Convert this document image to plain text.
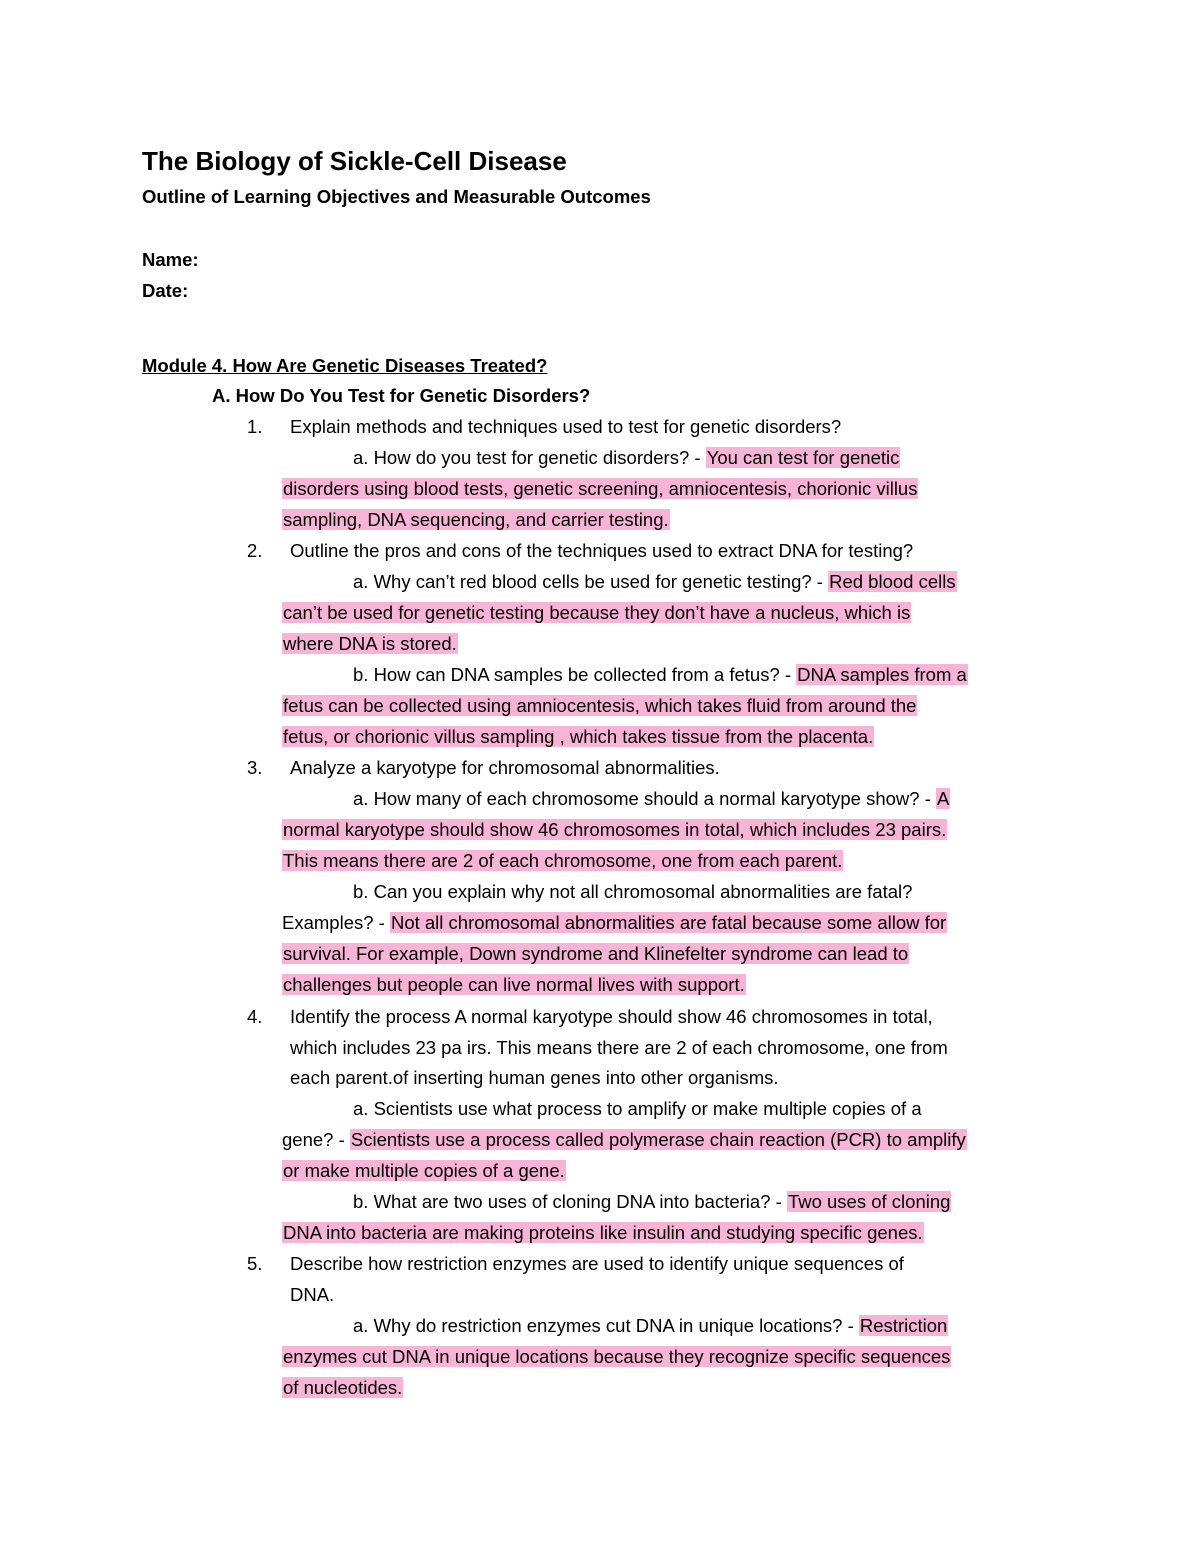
The Biology of Sickle-Cell Disease
Outline of Learning Objectives and Measurable Outcomes
Name:
Date:
Module 4. How Are Genetic Diseases Treated?
A. How Do You Test for Genetic Disorders?
1. Explain methods and techniques used to test for genetic disorders?
a. How do you test for genetic disorders? - You can test for genetic
disorders using blood tests, genetic screening, amniocentesis, chorionic villus
sampling, DNA sequencing, and carrier testing.
2. Outline the pros and cons of the techniques used to extract DNA for testing?
a. Why can’t red blood cells be used for genetic testing? - Red blood cells
can’t be used for genetic testing because they don’t have a nucleus, which is
where DNA is stored.
b. How can DNA samples be collected from a fetus? - DNA samples from a
fetus can be collected using amniocentesis, which takes fluid from around the
fetus, or chorionic villus sampling , which takes tissue from the placenta.
3. Analyze a karyotype for chromosomal abnormalities.
a. How many of each chromosome should a normal karyotype show? - A
normal karyotype should show 46 chromosomes in total, which includes 23 pairs.
This means there are 2 of each chromosome, one from each parent.
b. Can you explain why not all chromosomal abnormalities are fatal?
Examples? - Not all chromosomal abnormalities are fatal because some allow for
survival. For example, Down syndrome and Klinefelter syndrome can lead to
challenges but people can live normal lives with support.
4. Identify the process A normal karyotype should show 46 chromosomes in total,
which includes 23 pa irs. This means there are 2 of each chromosome, one from
each parent.of inserting human genes into other organisms.
a. Scientists use what process to amplify or make multiple copies of a
gene? - Scientists use a process called polymerase chain reaction (PCR) to amplify
or make multiple copies of a gene.
b. What are two uses of cloning DNA into bacteria? - Two uses of cloning
DNA into bacteria are making proteins like insulin and studying specific genes.
5. Describe how restriction enzymes are used to identify unique sequences of
DNA.
a. Why do restriction enzymes cut DNA in unique locations? - Restriction
enzymes cut DNA in unique locations because they recognize specific sequences
of nucleotides.
